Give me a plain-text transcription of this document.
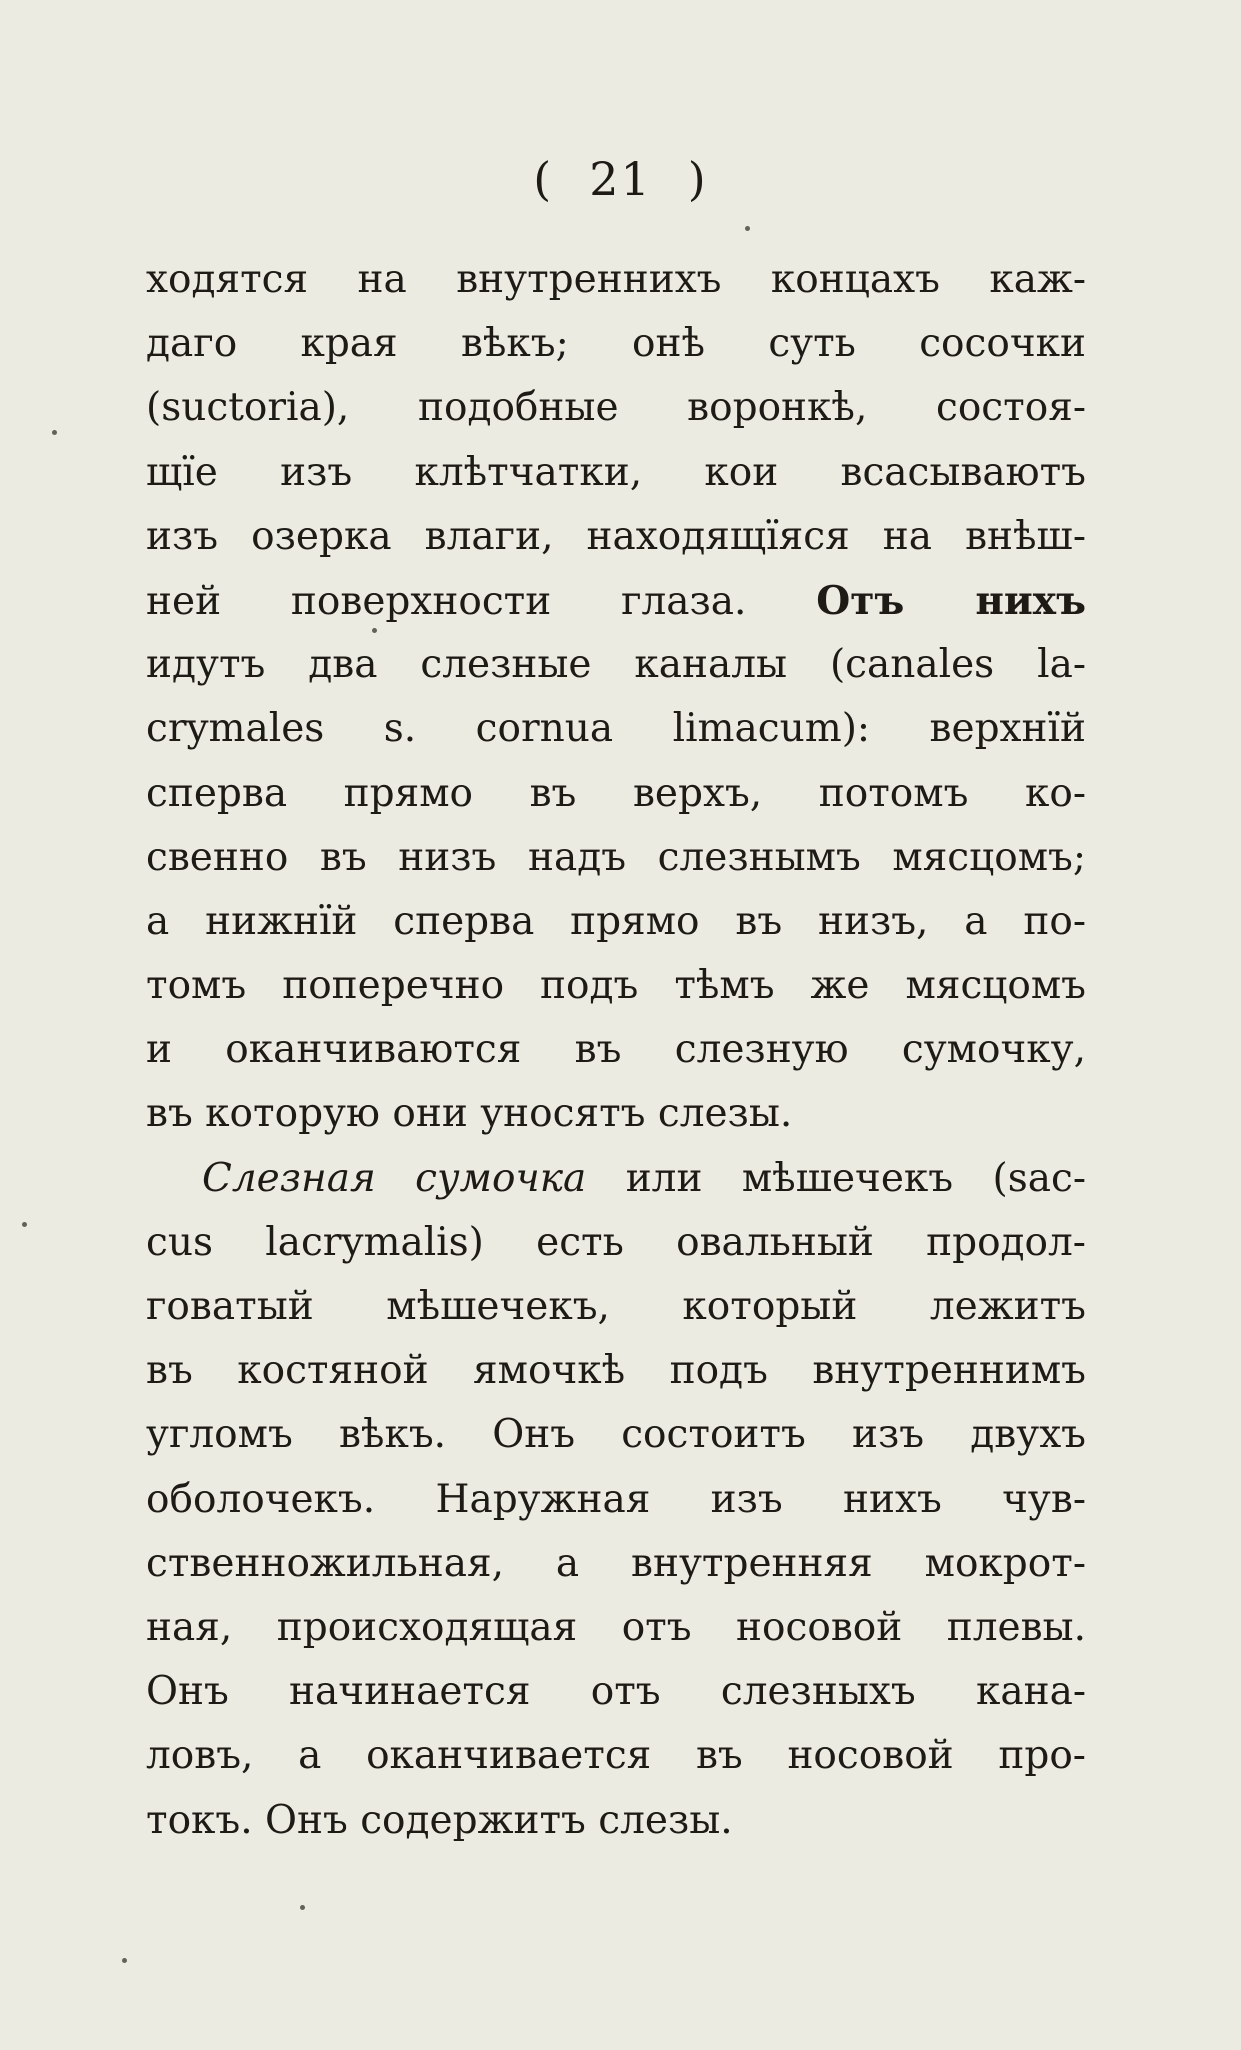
( 21 )
ходятся на внутреннихъ концахъ каж-
даго края вѣкъ; онѣ суть сосочки
(suctoria), подобные воронкѣ, состоя-
щїе изъ клѣтчатки, кои всасываютъ
изъ озерка влаги, находящїяся на внѣш-
ней поверхности глаза. Отъ нихъ
идутъ два слезные каналы (canales la-
crymales s. cornua limacum): верхнїй
сперва прямо въ верхъ, потомъ ко-
свенно въ низъ надъ слезнымъ мясцомъ;
а нижнїй сперва прямо въ низъ, а по-
томъ поперечно подъ тѣмъ же мясцомъ
и оканчиваются въ слезную сумочку,
въ которую они уносятъ слезы.
Слезная сумочка или мѣшечекъ (sac-
cus lacrymalis) есть овальный продол-
говатый мѣшечекъ, который лежитъ
въ костяной ямочкѣ подъ внутреннимъ
угломъ вѣкъ. Онъ состоитъ изъ двухъ
оболочекъ. Наружная изъ нихъ чув-
ственножильная, а внутренняя мокрот-
ная, происходящая отъ носовой плевы.
Онъ начинается отъ слезныхъ кана-
ловъ, а оканчивается въ носовой про-
токъ. Онъ содержитъ слезы.
